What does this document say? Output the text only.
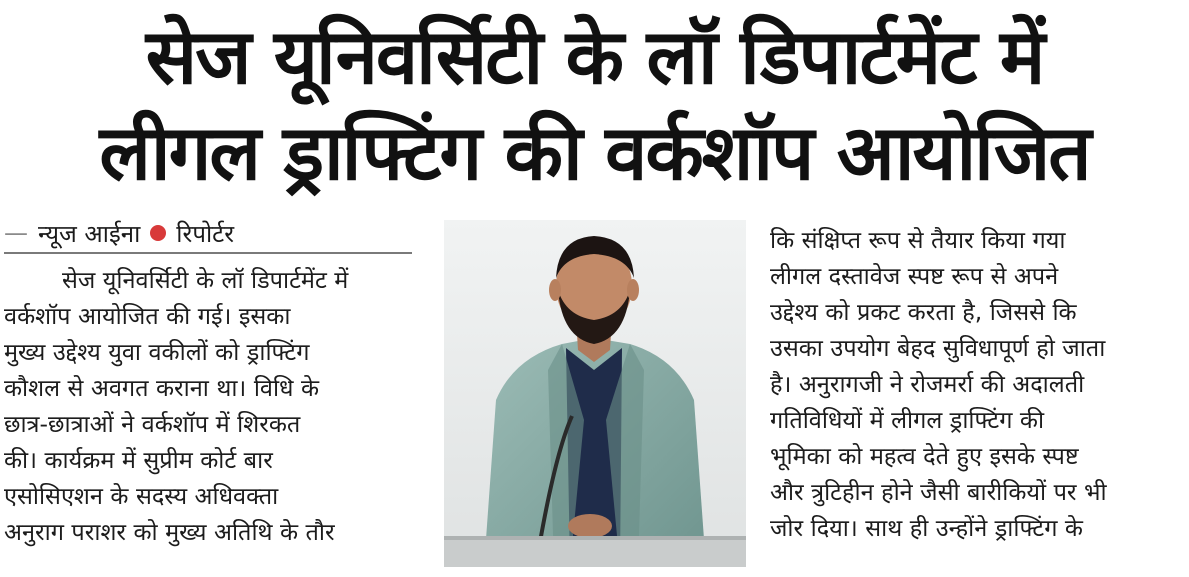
सेज यूनिवर्सिटी के लॉ डिपार्टमेंट में
लीगल ड्राफ्टिंग की वर्कशॉप आयोजित
— न्यूज आईना रिपोर्टर
सेज यूनिवर्सिटी के लॉ डिपार्टमेंट में
वर्कशॉप आयोजित की गई। इसका
मुख्य उद्देश्य युवा वकीलों को ड्राफ्टिंग
कौशल से अवगत कराना था। विधि के
छात्र-छात्राओं ने वर्कशॉप में शिरकत
की। कार्यक्रम में सुप्रीम कोर्ट बार
एसोसिएशन के सदस्य अधिवक्ता
अनुराग पराशर को मुख्य अतिथि के तौर
कि संक्षिप्त रूप से तैयार किया गया
लीगल दस्तावेज स्पष्ट रूप से अपने
उद्देश्य को प्रकट करता है, जिससे कि
उसका उपयोग बेहद सुविधापूर्ण हो जाता
है। अनुरागजी ने रोजमर्रा की अदालती
गतिविधियों में लीगल ड्राफ्टिंग की
भूमिका को महत्व देते हुए इसके स्पष्ट
और त्रुटिहीन होने जैसी बारीकियों पर भी
जोर दिया। साथ ही उन्होंने ड्राफ्टिंग के
